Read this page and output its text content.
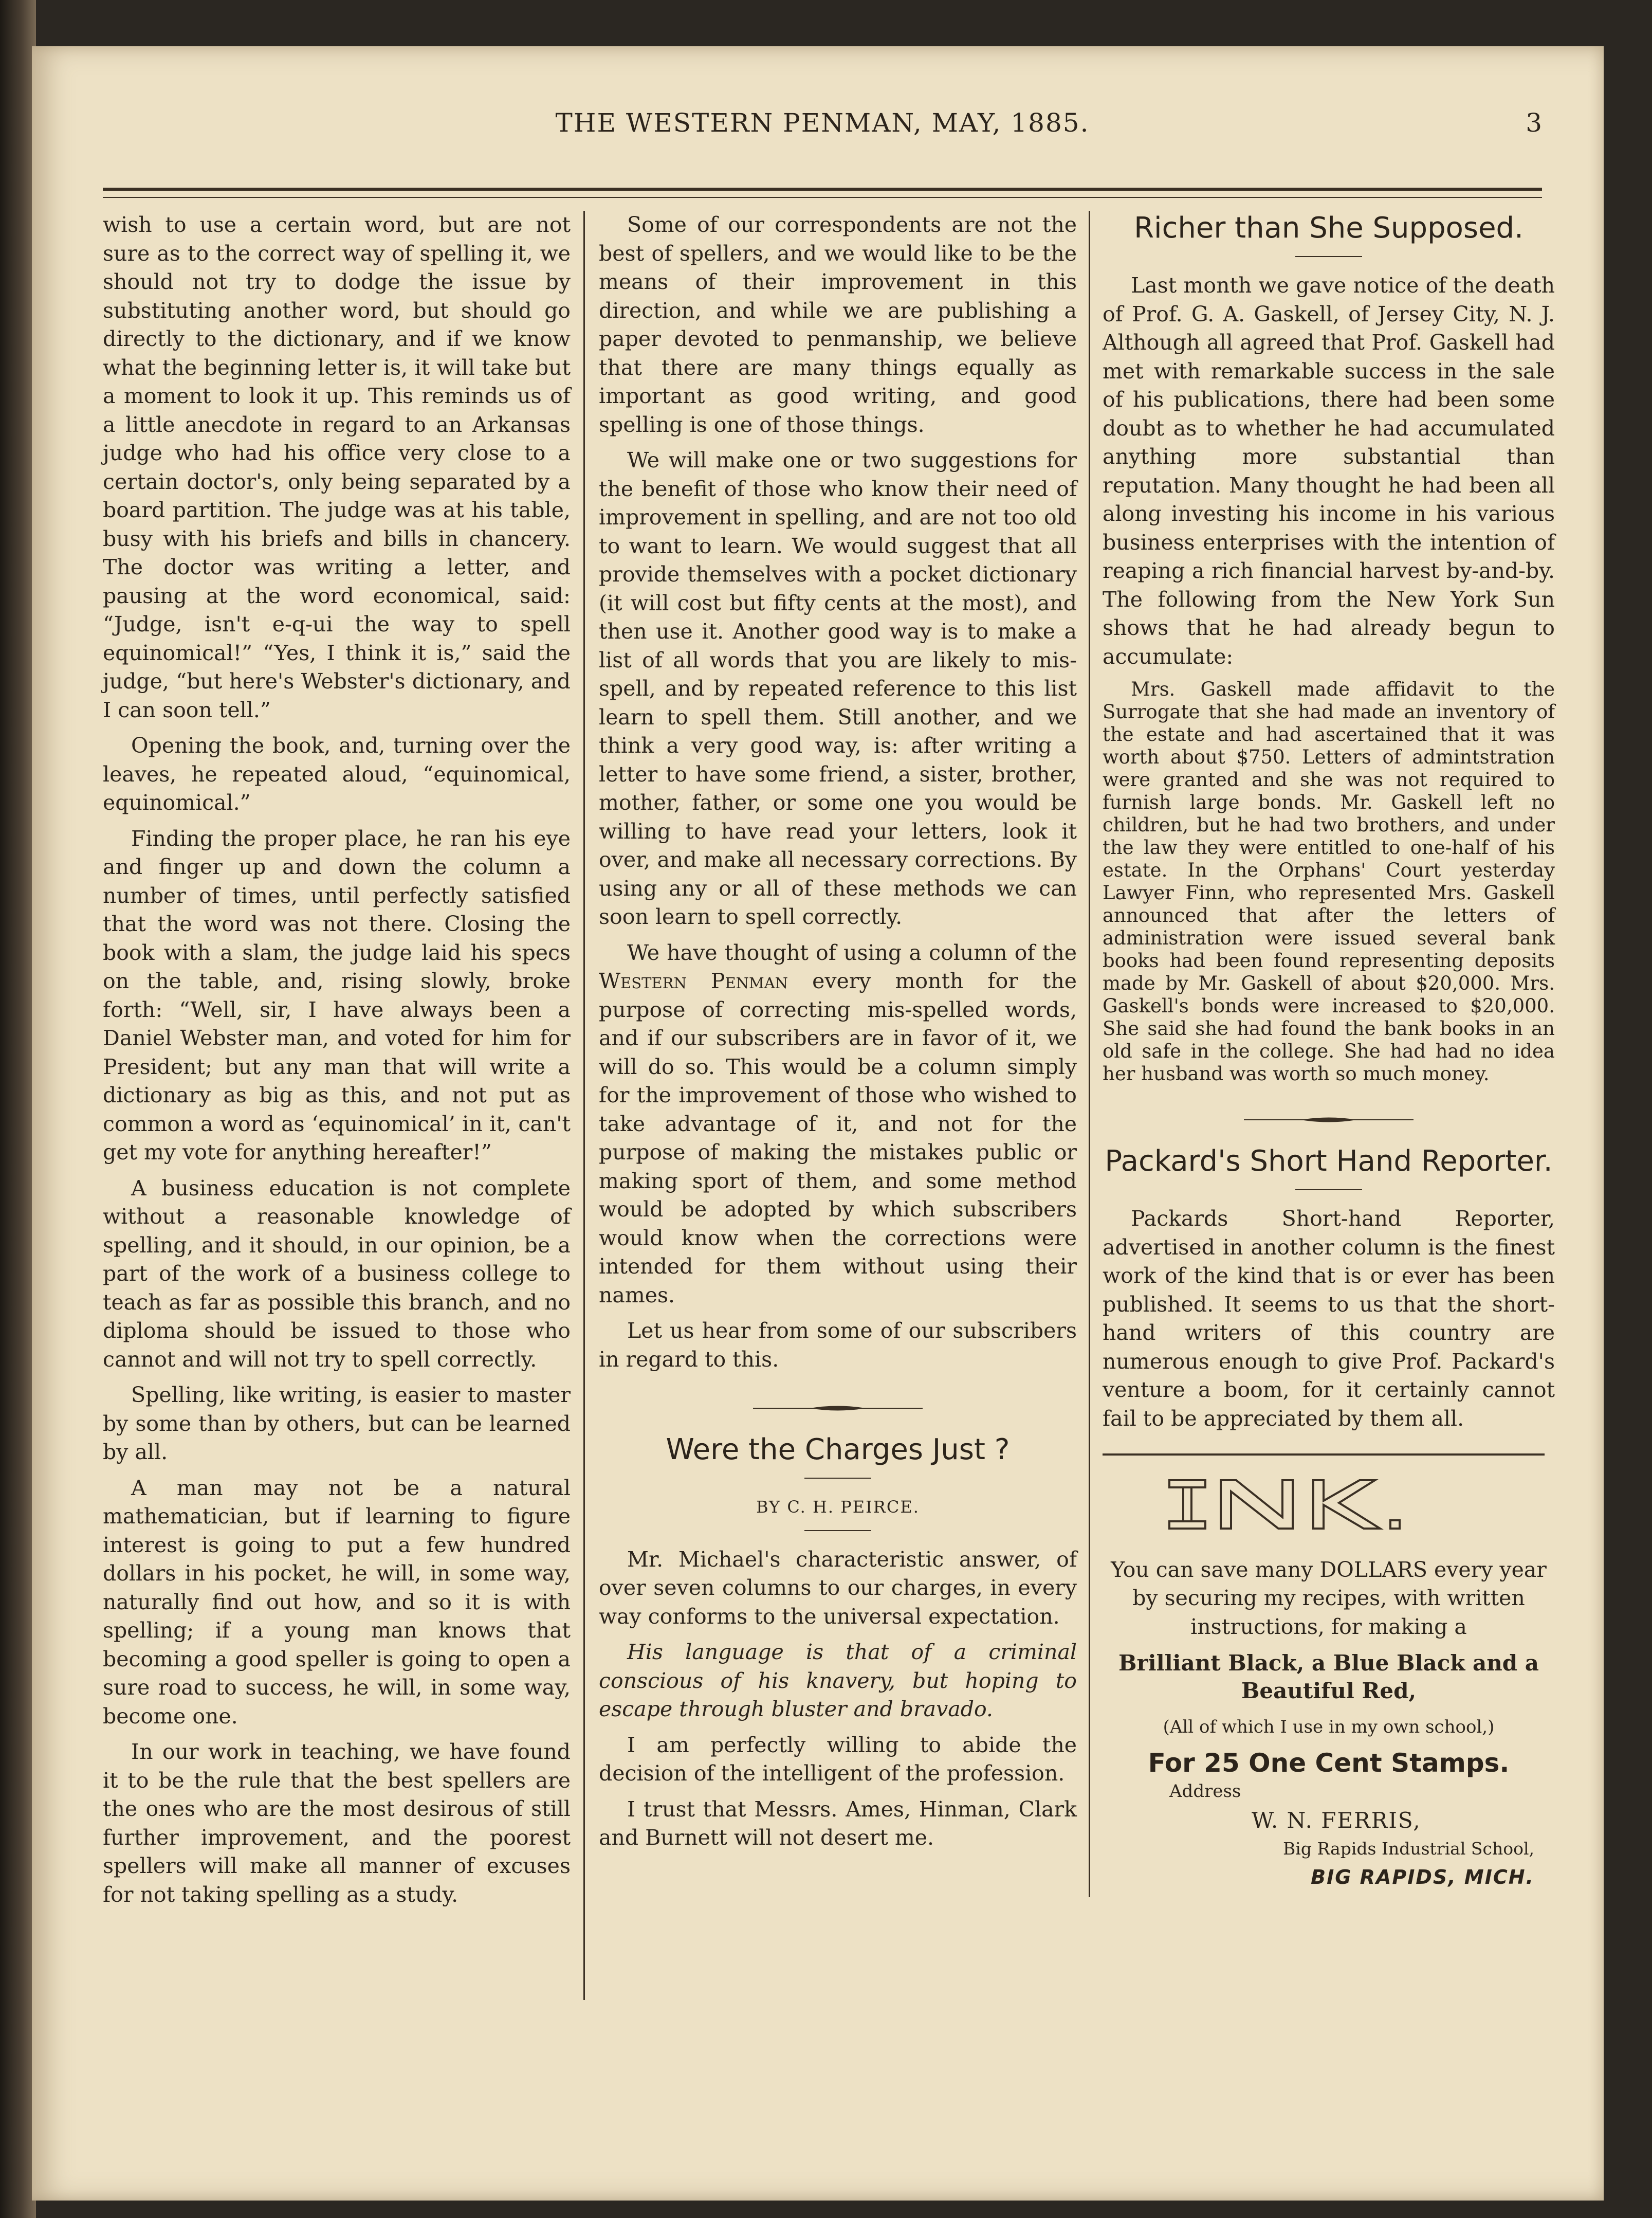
THE WESTERN PENMAN, MAY, 1885.	3

wish to use a certain word, but are not sure as to the correct way of spelling it, we should not try to dodge the issue by substituting another word, but should go directly to the dictionary, and if we know what the beginning letter is, it will take but a moment to look it up. This reminds us of a little anecdote in regard to an Arkansas judge who had his office very close to a certain doctor's, only being separated by a board partition. The judge was at his table, busy with his briefs and bills in chancery. The doctor was writing a letter, and pausing at the word economical, said: “Judge, isn't e-q-ui the way to spell equinomical!” “Yes, I think it is,” said the judge, “but here's Webster's dictionary, and I can soon tell.”

Opening the book, and, turning over the leaves, he repeated aloud, “equinomical, equinomical.”

Finding the proper place, he ran his eye and finger up and down the column a number of times, until perfectly satisfied that the word was not there. Closing the book with a slam, the judge laid his specs on the table, and, rising slowly, broke forth: “Well, sir, I have always been a Daniel Webster man, and voted for him for President; but any man that will write a dictionary as big as this, and not put as common a word as ‘equinomical’ in it, can't get my vote for anything hereafter!”

A business education is not complete without a reasonable knowledge of spelling, and it should, in our opinion, be a part of the work of a business college to teach as far as possible this branch, and no diploma should be issued to those who cannot and will not try to spell correctly.

Spelling, like writing, is easier to master by some than by others, but can be learned by all.

A man may not be a natural mathematician, but if learning to figure interest is going to put a few hundred dollars in his pocket, he will, in some way, naturally find out how, and so it is with spelling; if a young man knows that becoming a good speller is going to open a sure road to success, he will, in some way, become one.

In our work in teaching, we have found it to be the rule that the best spellers are the ones who are the most desirous of still further improvement, and the poorest spellers will make all manner of excuses for not taking spelling as a study.

Some of our correspondents are not the best of spellers, and we would like to be the means of their improvement in this direction, and while we are publishing a paper devoted to penmanship, we believe that there are many things equally as important as good writing, and good spelling is one of those things.

We will make one or two suggestions for the benefit of those who know their need of improvement in spelling, and are not too old to want to learn. We would suggest that all provide themselves with a pocket dictionary (it will cost but fifty cents at the most), and then use it. Another good way is to make a list of all words that you are likely to mis-spell, and by repeated reference to this list learn to spell them. Still another, and we think a very good way, is: after writing a letter to have some friend, a sister, brother, mother, father, or some one you would be willing to have read your letters, look it over, and make all necessary corrections. By using any or all of these methods we can soon learn to spell correctly.

We have thought of using a column of the Western Penman every month for the purpose of correcting mis-spelled words, and if our subscribers are in favor of it, we will do so. This would be a column simply for the improvement of those who wished to take advantage of it, and not for the purpose of making the mistakes public or making sport of them, and some method would be adopted by which subscribers would know when the corrections were intended for them without using their names.

Let us hear from some of our subscribers in regard to this.

Were the Charges Just ?
BY C. H. PEIRCE.

Mr. Michael's characteristic answer, of over seven columns to our charges, in every way conforms to the universal expectation.

His language is that of a criminal conscious of his knavery, but hoping to escape through bluster and bravado.

I am perfectly willing to abide the decision of the intelligent of the profession.

I trust that Messrs. Ames, Hinman, Clark and Burnett will not desert me.

Richer than She Supposed.

Last month we gave notice of the death of Prof. G. A. Gaskell, of Jersey City, N. J. Although all agreed that Prof. Gaskell had met with remarkable success in the sale of his publications, there had been some doubt as to whether he had accumulated anything more substantial than reputation. Many thought he had been all along investing his income in his various business enterprises with the intention of reaping a rich financial harvest by-and-by. The following from the New York Sun shows that he had already begun to accumulate:

Mrs. Gaskell made affidavit to the Surrogate that she had made an inventory of the estate and had ascertained that it was worth about $750. Letters of admintstration were granted and she was not required to furnish large bonds. Mr. Gaskell left no children, but he had two brothers, and under the law they were entitled to one-half of his estate. In the Orphans' Court yesterday Lawyer Finn, who represented Mrs. Gaskell announced that after the letters of administration were issued several bank books had been found representing deposits made by Mr. Gaskell of about $20,000. Mrs. Gaskell's bonds were increased to $20,000. She said she had found the bank books in an old safe in the college. She had had no idea her husband was worth so much money.

Packard's Short Hand Reporter.

Packards Short-hand Reporter, advertised in another column is the finest work of the kind that is or ever has been published. It seems to us that the short-hand writers of this country are numerous enough to give Prof. Packard's venture a boom, for it certainly cannot fail to be appreciated by them all.

You can save many DOLLARS every year by securing my recipes, with written instructions, for making a
Brilliant Black, a Blue Black and a Beautiful Red,
(All of which I use in my own school,)
For 25 One Cent Stamps.
Address
W. N. FERRIS,
Big Rapids Industrial School,
BIG RAPIDS, MICH.
